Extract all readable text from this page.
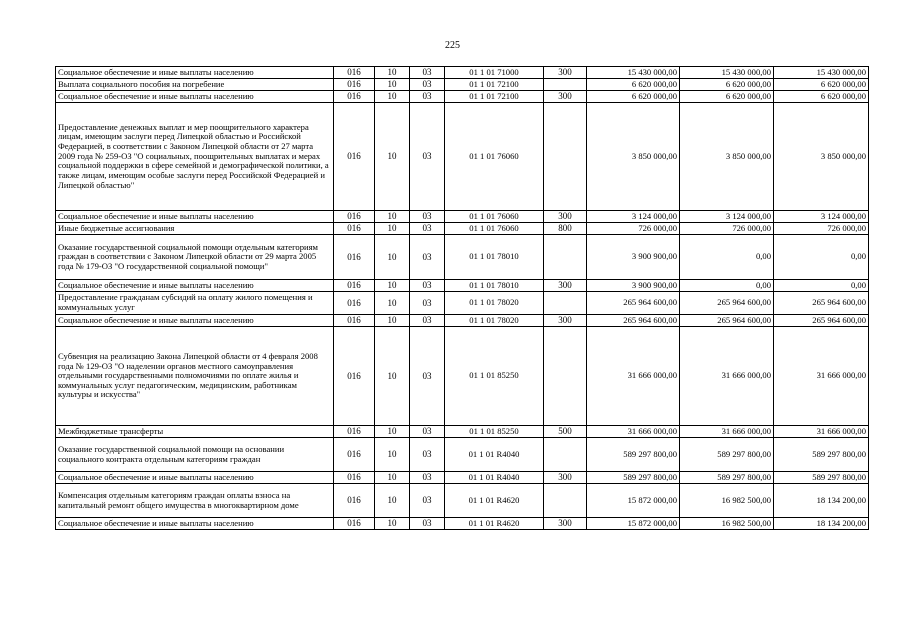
225
Социальное обеспечение и иные выплаты населению	016	10	03	01 1 01 71000	300	15 430 000,00	15 430 000,00	15 430 000,00
Выплата социального пособия на погребение	016	10	03	01 1 01 72100		6 620 000,00	6 620 000,00	6 620 000,00
Социальное обеспечение и иные выплаты населению	016	10	03	01 1 01 72100	300	6 620 000,00	6 620 000,00	6 620 000,00
Предоставление денежных выплат и мер поощрительного характера лицам, имеющим заслуги перед Липецкой областью и Российской Федерацией, в соответствии с Законом Липецкой области от 27 марта 2009 года № 259-ОЗ "О социальных, поощрительных выплатах и мерах социальной поддержки в сфере семейной и демографической политики, а также лицам, имеющим особые заслуги перед Российской Федерацией и Липецкой областью"	016	10	03	01 1 01 76060		3 850 000,00	3 850 000,00	3 850 000,00
Социальное обеспечение и иные выплаты населению	016	10	03	01 1 01 76060	300	3 124 000,00	3 124 000,00	3 124 000,00
Иные бюджетные ассигнования	016	10	03	01 1 01 76060	800	726 000,00	726 000,00	726 000,00
Оказание государственной социальной помощи отдельным категориям граждан в соответствии с Законом Липецкой области от 29 марта 2005 года № 179-ОЗ "О государственной социальной помощи"	016	10	03	01 1 01 78010		3 900 900,00	0,00	0,00
Социальное обеспечение и иные выплаты населению	016	10	03	01 1 01 78010	300	3 900 900,00	0,00	0,00
Предоставление гражданам субсидий на оплату жилого помещения и коммунальных услуг	016	10	03	01 1 01 78020		265 964 600,00	265 964 600,00	265 964 600,00
Социальное обеспечение и иные выплаты населению	016	10	03	01 1 01 78020	300	265 964 600,00	265 964 600,00	265 964 600,00
Субвенция на реализацию Закона Липецкой области от 4 февраля 2008 года № 129-ОЗ "О наделении органов местного самоуправления отдельными государственными полномочиями по оплате жилья и коммунальных услуг педагогическим, медицинским, работникам культуры и искусства"	016	10	03	01 1 01 85250		31 666 000,00	31 666 000,00	31 666 000,00
Межбюджетные трансферты	016	10	03	01 1 01 85250	500	31 666 000,00	31 666 000,00	31 666 000,00
Оказание государственной социальной помощи на основании социального контракта отдельным категориям граждан	016	10	03	01 1 01 R4040		589 297 800,00	589 297 800,00	589 297 800,00
Социальное обеспечение и иные выплаты населению	016	10	03	01 1 01 R4040	300	589 297 800,00	589 297 800,00	589 297 800,00
Компенсация отдельным категориям граждан оплаты взноса на капитальный ремонт общего имущества в многоквартирном доме	016	10	03	01 1 01 R4620		15 872 000,00	16 982 500,00	18 134 200,00
Социальное обеспечение и иные выплаты населению	016	10	03	01 1 01 R4620	300	15 872 000,00	16 982 500,00	18 134 200,00
